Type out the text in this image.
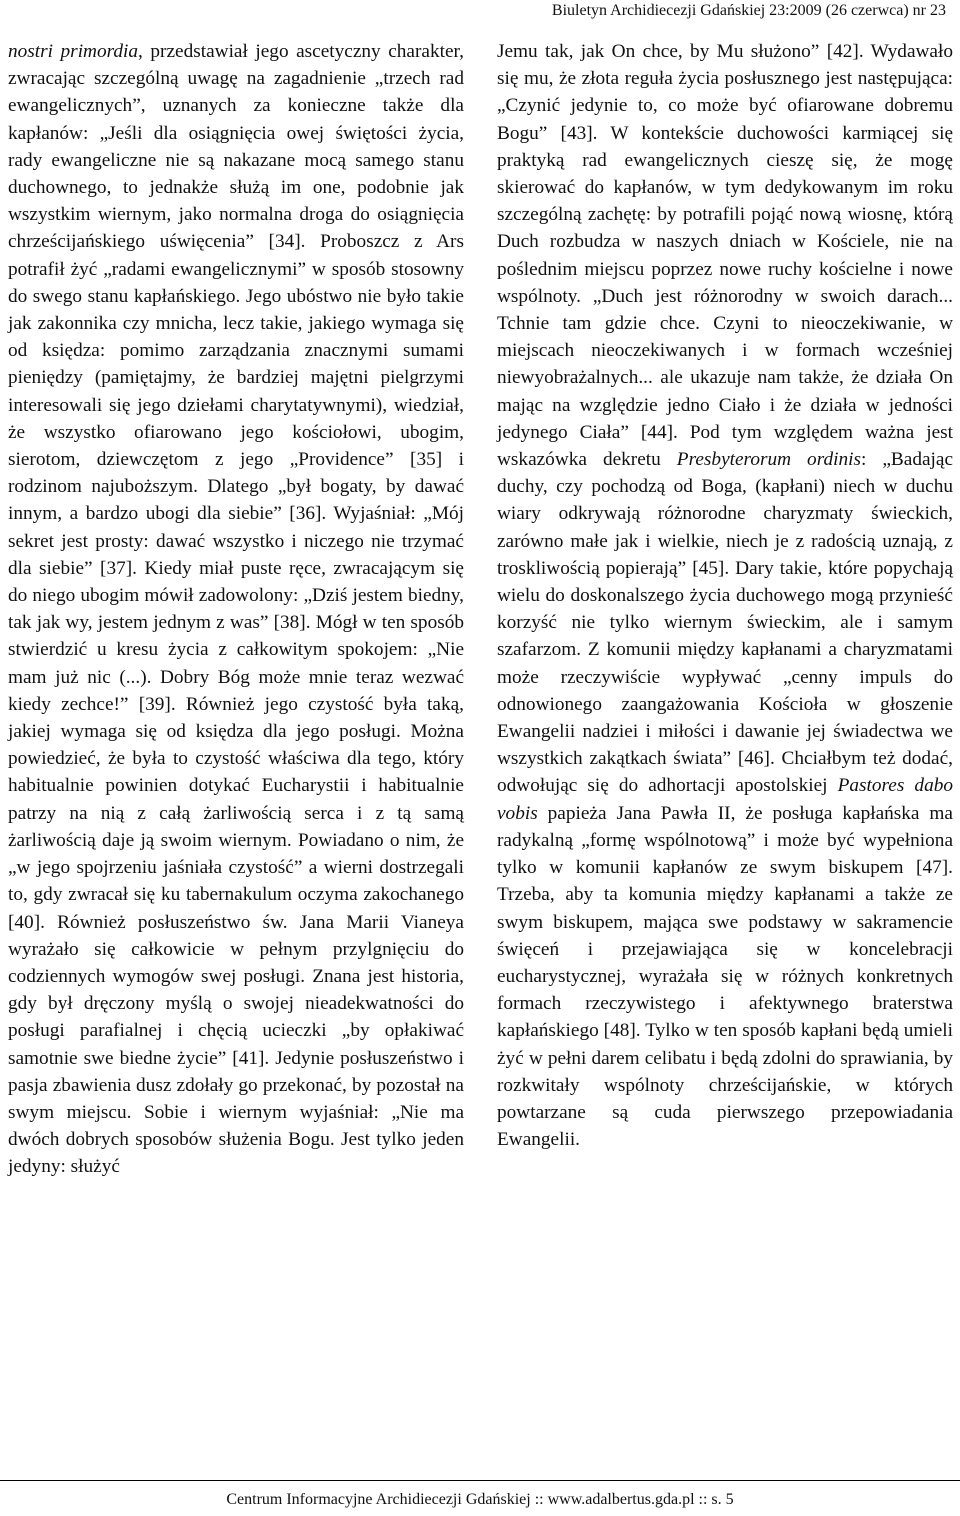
Biuletyn Archidiecezji Gdańskiej 23:2009 (26 czerwca) nr 23

nostri primordia, przedstawiał jego ascetyczny charakter, zwracając szczególną uwagę na zagadnienie „trzech rad ewangelicznych”, uznanych za konieczne także dla kapłanów: „Jeśli dla osiągnięcia owej świętości życia, rady ewangeliczne nie są nakazane mocą samego stanu duchownego, to jednakże służą im one, podobnie jak wszystkim wiernym, jako normalna droga do osiągnięcia chrześcijańskiego uświęcenia” [34]. Proboszcz z Ars potrafił żyć „radami ewangelicznymi” w sposób stosowny do swego stanu kapłańskiego. Jego ubóstwo nie było takie jak zakonnika czy mnicha, lecz takie, jakiego wymaga się od księdza: pomimo zarządzania znacznymi sumami pieniędzy (pamiętajmy, że bardziej majętni pielgrzymi interesowali się jego dziełami charytatywnymi), wiedział, że wszystko ofiarowano jego kościołowi, ubogim, sierotom, dziewczętom z jego „Providence” [35] i rodzinom najuboższym. Dlatego „był bogaty, by dawać innym, a bardzo ubogi dla siebie” [36]. Wyjaśniał: „Mój sekret jest prosty: dawać wszystko i niczego nie trzymać dla siebie” [37]. Kiedy miał puste ręce, zwracającym się do niego ubogim mówił zadowolony: „Dziś jestem biedny, tak jak wy, jestem jednym z was” [38]. Mógł w ten sposób stwierdzić u kresu życia z całkowitym spokojem: „Nie mam już nic (...). Dobry Bóg może mnie teraz wezwać kiedy zechce!” [39]. Również jego czystość była taką, jakiej wymaga się od księdza dla jego posługi. Można powiedzieć, że była to czystość właściwa dla tego, który habitualnie powinien dotykać Eucharystii i habitualnie patrzy na nią z całą żarliwością serca i z tą samą żarliwością daje ją swoim wiernym. Powiadano o nim, że „w jego spojrzeniu jaśniała czystość” a wierni dostrzegali to, gdy zwracał się ku tabernakulum oczyma zakochanego [40]. Również posłuszeństwo św. Jana Marii Vianeya wyrażało się całkowicie w pełnym przylgnięciu do codziennych wymogów swej posługi. Znana jest historia, gdy był dręczony myślą o swojej nieadekwatności do posługi parafialnej i chęcią ucieczki „by opłakiwać samotnie swe biedne życie” [41]. Jedynie posłuszeństwo i pasja zbawienia dusz zdołały go przekonać, by pozostał na swym miejscu. Sobie i wiernym wyjaśniał: „Nie ma dwóch dobrych sposobów służenia Bogu. Jest tylko jeden jedyny: służyć

Jemu tak, jak On chce, by Mu służono” [42]. Wydawało się mu, że złota reguła życia posłusznego jest następująca: „Czynić jedynie to, co może być ofiarowane dobremu Bogu” [43]. W kontekście duchowości karmiącej się praktyką rad ewangelicznych cieszę się, że mogę skierować do kapłanów, w tym dedykowanym im roku szczególną zachętę: by potrafili pojąć nową wiosnę, którą Duch rozbudza w naszych dniach w Kościele, nie na poślednim miejscu poprzez nowe ruchy kościelne i nowe wspólnoty. „Duch jest różnorodny w swoich darach... Tchnie tam gdzie chce. Czyni to nieoczekiwanie, w miejscach nieoczekiwanych i w formach wcześniej niewyobrażalnych... ale ukazuje nam także, że działa On mając na względzie jedno Ciało i że działa w jedności jedynego Ciała” [44]. Pod tym względem ważna jest wskazówka dekretu Presbyterorum ordinis: „Badając duchy, czy pochodzą od Boga, (kapłani) niech w duchu wiary odkrywają różnorodne charyzmaty świeckich, zarówno małe jak i wielkie, niech je z radością uznają, z troskliwością popierają” [45]. Dary takie, które popychają wielu do doskonalszego życia duchowego mogą przynieść korzyść nie tylko wiernym świeckim, ale i samym szafarzom. Z komunii między kapłanami a charyzmatami może rzeczywiście wypływać „cenny impuls do odnowionego zaangażowania Kościoła w głoszenie Ewangelii nadziei i miłości i dawanie jej świadectwa we wszystkich zakątkach świata” [46]. Chciałbym też dodać, odwołując się do adhortacji apostolskiej Pastores dabo vobis papieża Jana Pawła II, że posługa kapłańska ma radykalną „formę wspólnotową” i może być wypełniona tylko w komunii kapłanów ze swym biskupem [47]. Trzeba, aby ta komunia między kapłanami a także ze swym biskupem, mająca swe podstawy w sakramencie święceń i przejawiająca się w koncelebracji eucharystycznej, wyrażała się w różnych konkretnych formach rzeczywistego i afektywnego braterstwa kapłańskiego [48]. Tylko w ten sposób kapłani będą umieli żyć w pełni darem celibatu i będą zdolni do sprawiania, by rozkwitały wspólnoty chrześcijańskie, w których powtarzane są cuda pierwszego przepowiadania Ewangelii.

Centrum Informacyjne Archidiecezji Gdańskiej :: www.adalbertus.gda.pl :: s. 5
